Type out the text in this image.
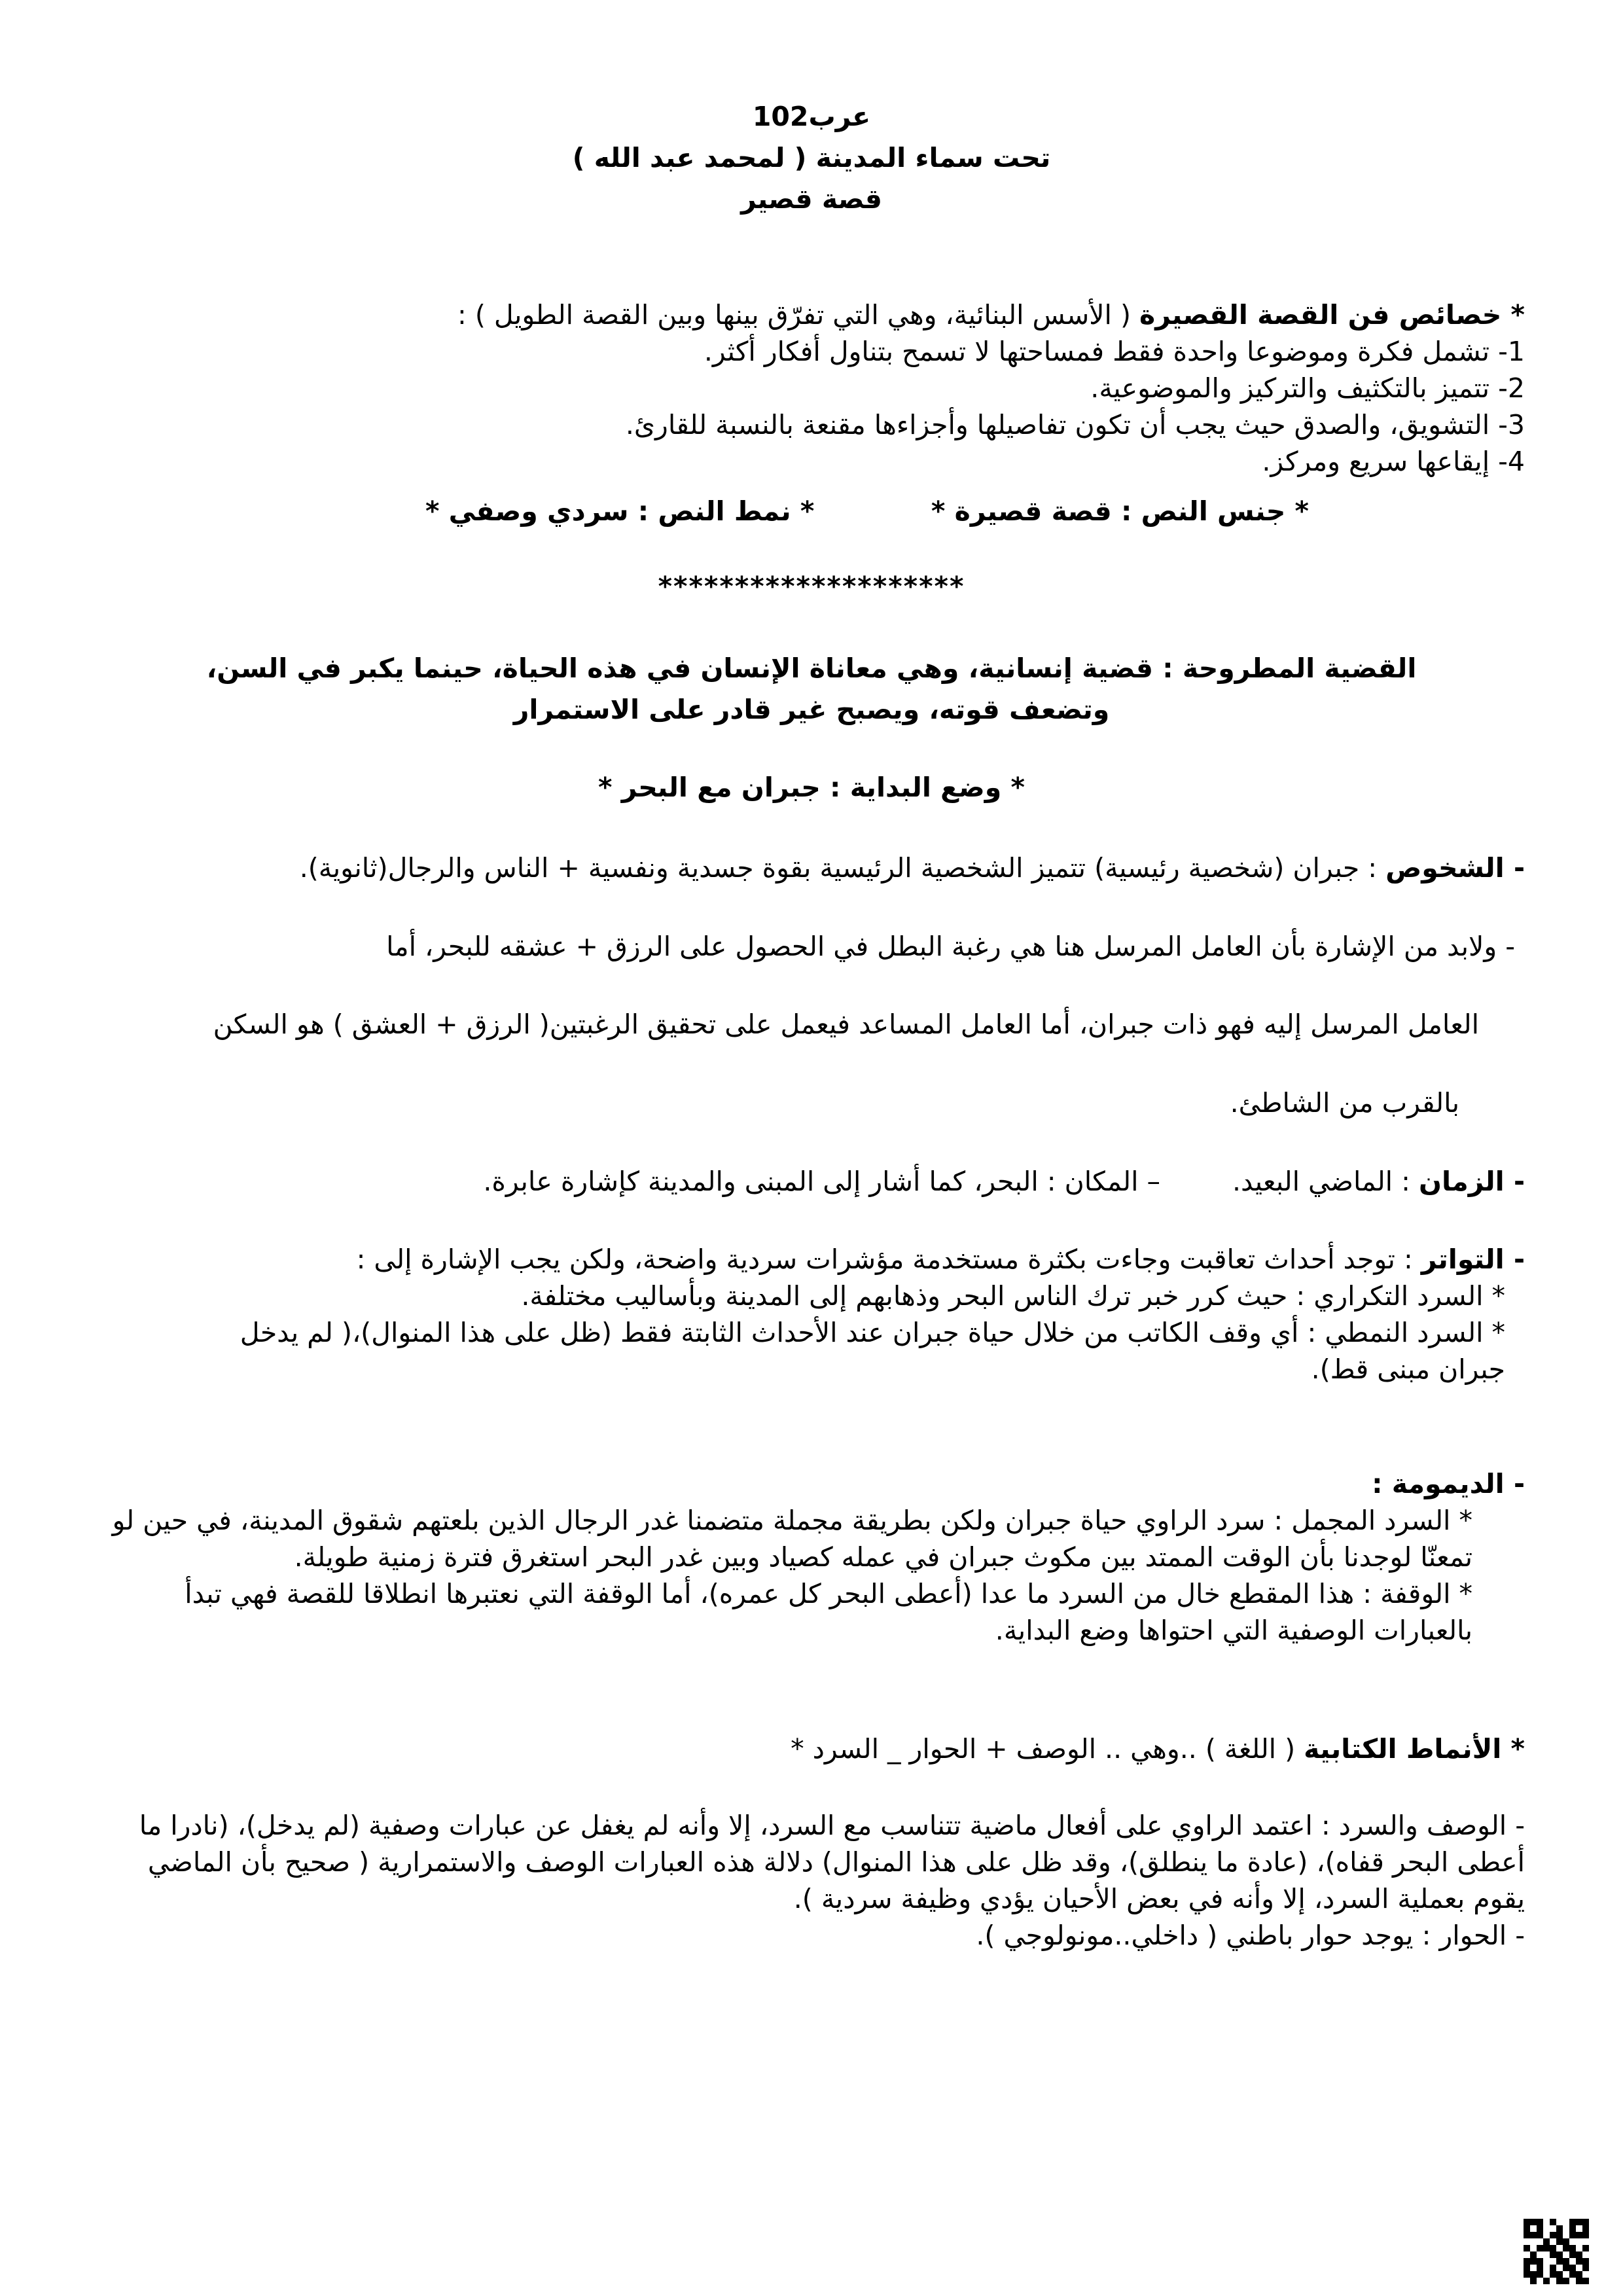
عرب102
تحت سماء المدينة ( لمحمد عبد الله )
قصة قصير
* خصائص فن القصة القصيرة ( الأسس البنائية، وهي التي تفرّق بينها وبين القصة الطويل ) :
1- تشمل فكرة وموضوعا واحدة فقط فمساحتها لا تسمح بتناول أفكار أكثر.
2- تتميز بالتكثيف والتركيز والموضوعية.
3- التشويق، والصدق حيث يجب أن تكون تفاصيلها وأجزاءها مقنعة بالنسبة للقارئ.
4- إيقاعها سريع ومركز.
* جنس النص : قصة قصيرة *  * نمط النص : سردي وصفي *
********************
القضية المطروحة : قضية إنسانية، وهي معاناة الإنسان في هذه الحياة، حينما يكبر في السن،
وتضعف قوته، ويصبح غير قادر على الاستمرار
* وضع البداية : جبران مع البحر *
- الشخوص : جبران (شخصية رئيسية) تتميز الشخصية الرئيسية بقوة جسدية ونفسية + الناس والرجال(ثانوية).
- ولابد من الإشارة بأن العامل المرسل هنا هي رغبة البطل في الحصول على الرزق + عشقه للبحر، أما
العامل المرسل إليه فهو ذات جبران، أما العامل المساعد فيعمل على تحقيق الرغبتين( الرزق + العشق ) هو السكن
بالقرب من الشاطئ.
- الزمان : الماضي البعيد.– المكان : البحر، كما أشار إلى المبنى والمدينة كإشارة عابرة.
- التواتر : توجد أحداث تعاقبت وجاءت بكثرة مستخدمة مؤشرات سردية واضحة، ولكن يجب الإشارة إلى :
* السرد التكراري : حيث كرر خبر ترك الناس البحر وذهابهم إلى المدينة وبأساليب مختلفة.
* السرد النمطي : أي وقف الكاتب من خلال حياة جبران عند الأحداث الثابتة فقط (ظل على هذا المنوال)،( لم يدخل جبران مبنى قط).
- الديمومة :
* السرد المجمل : سرد الراوي حياة جبران ولكن بطريقة مجملة متضمنا غدر الرجال الذين بلعتهم شقوق المدينة، في حين لو تمعنّا لوجدنا بأن الوقت الممتد بين مكوث جبران في عمله كصياد وبين غدر البحر استغرق فترة زمنية طويلة.
* الوقفة : هذا المقطع خال من السرد ما عدا (أعطى البحر كل عمره)، أما الوقفة التي نعتبرها انطلاقا للقصة فهي تبدأ بالعبارات الوصفية التي احتواها وضع البداية.
* الأنماط الكتابية ( اللغة ) ..وهي .. الوصف + الحوار _ السرد *
- الوصف والسرد : اعتمد الراوي على أفعال ماضية تتناسب مع السرد، إلا وأنه لم يغفل عن عبارات وصفية (لم يدخل)، (نادرا ما أعطى البحر قفاه)، (عادة ما ينطلق)، وقد ظل على هذا المنوال) دلالة هذه العبارات الوصف والاستمرارية ( صحيح بأن الماضي يقوم بعملية السرد، إلا وأنه في بعض الأحيان يؤدي وظيفة سردية ).
- الحوار : يوجد حوار باطني ( داخلي..مونولوجي ).
